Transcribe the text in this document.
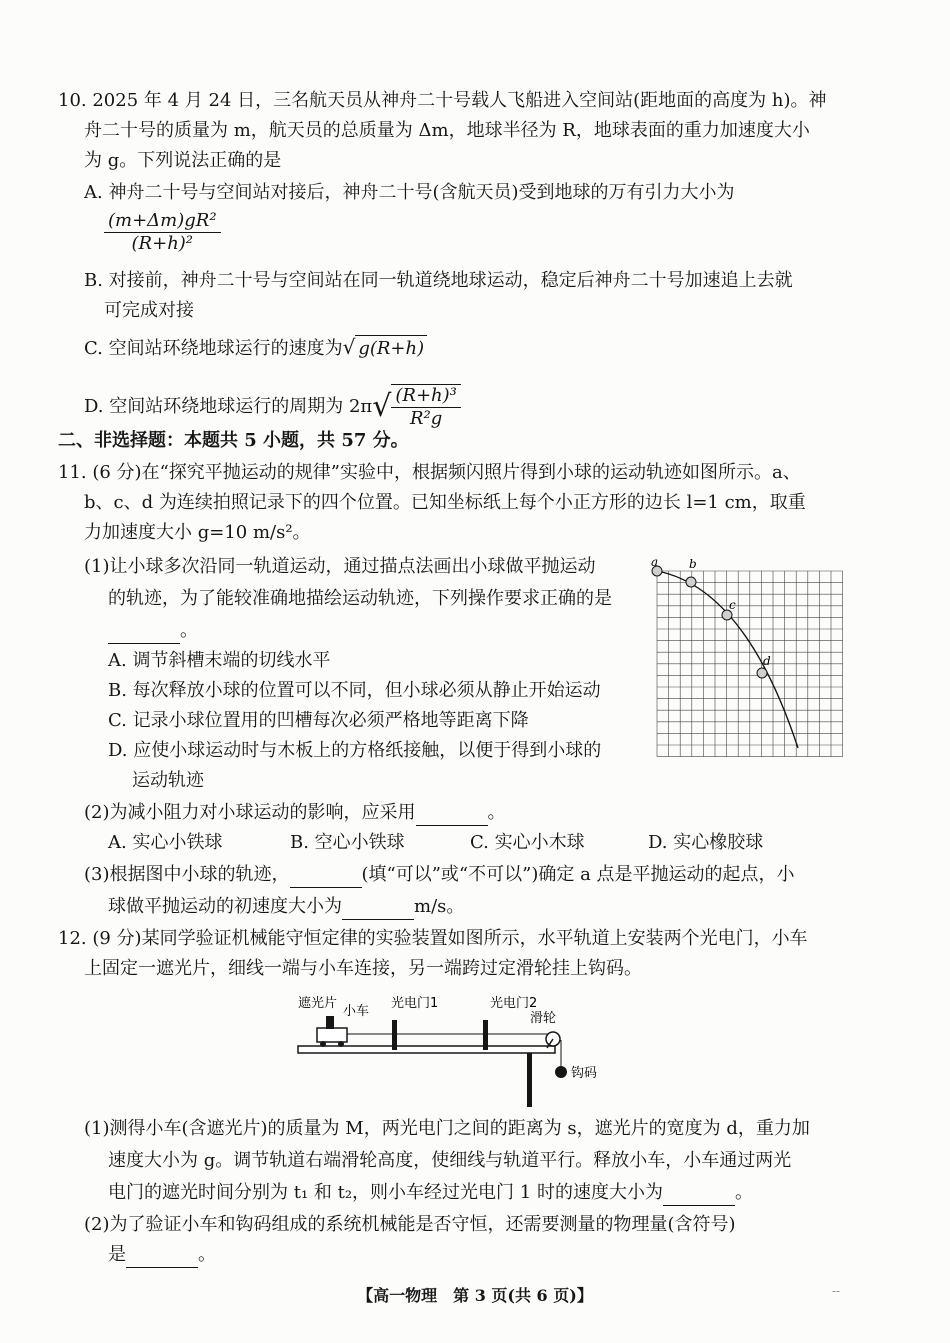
10. 2025 年 4 月 24 日，三名航天员从神舟二十号载人飞船进入空间站(距地面的高度为 h)。神
舟二十号的质量为 m，航天员的总质量为 Δm，地球半径为 R，地球表面的重力加速度大小
为 g。下列说法正确的是
A. 神舟二十号与空间站对接后，神舟二十号(含航天员)受到地球的万有引力大小为
$\frac{\text{(m+Δm)gR²}}{\text{(R+h)²}}$
B. 对接前，神舟二十号与空间站在同一轨道绕地球运动，稳定后神舟二十号加速追上去就
可完成对接
C. 空间站环绕地球运行的速度为√ g(R+h)
D. 空间站环绕地球运行的周期为 $2\pi√ \frac{\text{(R+h)³}}{\text{R²g}}$
二、非选择题：本题共 5 小题，共 57 分。
11. (6 分)在“探究平抛运动的规律”实验中，根据频闪照片得到小球的运动轨迹如图所示。a、
b、c、d 为连续拍照记录下的四个位置。已知坐标纸上每个小正方形的边长 l=1 cm，取重
力加速度大小 g=10 m/s²。
(1)让小球多次沿同一轨道运动，通过描点法画出小球做平抛运动
的轨迹，为了能较准确地描绘运动轨迹，下列操作要求正确的是
。
A. 调节斜槽末端的切线水平
B. 每次释放小球的位置可以不同，但小球必须从静止开始运动
C. 记录小球位置用的凹槽每次必须严格地等距离下降
D. 应使小球运动时与木板上的方格纸接触，以便于得到小球的
运动轨迹
a	b
c
d
(2)为减小阻力对小球运动的影响，应采用	。
A. 实心小铁球	B. 空心小铁球	C. 实心小木球	D. 实心橡胶球
(3)根据图中小球的轨迹，	(填“可以”或“不可以”)确定 a 点是平抛运动的起点，小
球做平抛运动的初速度大小为	m/s。
12. (9 分)某同学验证机械能守恒定律的实验装置如图所示，水平轨道上安装两个光电门，小车
上固定一遮光片，细线一端与小车连接，另一端跨过定滑轮挂上钩码。
遮光片
小车
光电门1	光电门2
滑轮
钩码
(1)测得小车(含遮光片)的质量为 M，两光电门之间的距离为 s，遮光片的宽度为 d，重力加
速度大小为 g。调节轨道右端滑轮高度，使细线与轨道平行。释放小车，小车通过两光
电门的遮光时间分别为 t₁ 和 t₂，则小车经过光电门 1 时的速度大小为	。
(2)为了验证小车和钩码组成的系统机械能是否守恒，还需要测量的物理量(含符号)
是	。
【高一物理　第 3 页(共 6 页)】	--
